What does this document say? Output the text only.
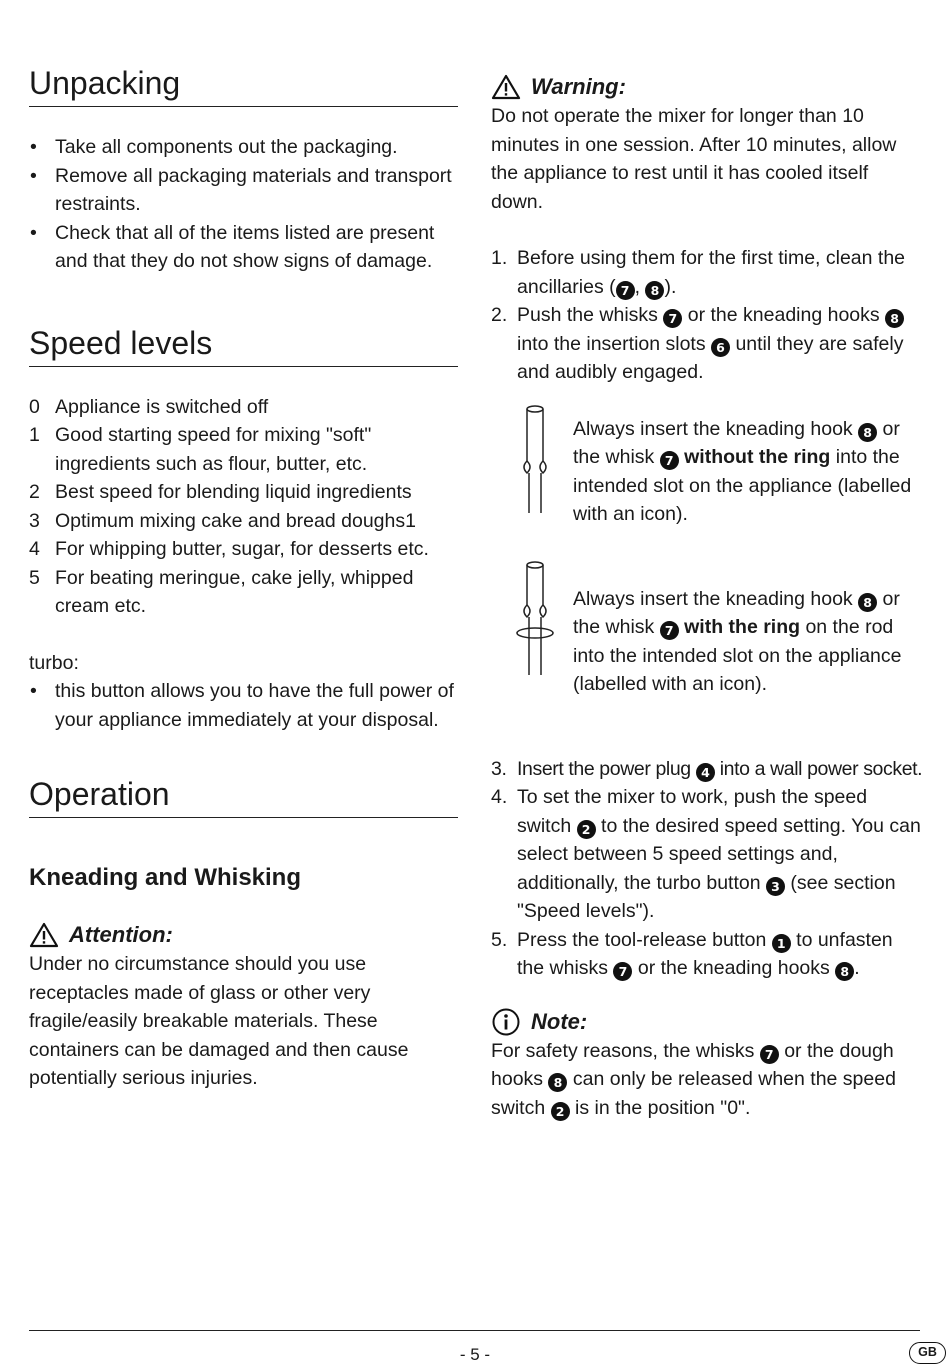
Unpacking
• Take all components out the packaging.
• Remove all packaging materials and transport restraints.
• Check that all of the items listed are present and that they do not show signs of damage.
Speed levels
0 Appliance is switched off
1 Good starting speed for mixing "soft" ingredients such as flour, butter, etc.
2 Best speed for blending liquid ingredients
3 Optimum mixing cake and bread doughs1
4 For whipping butter, sugar, for desserts etc.
5 For beating meringue, cake jelly, whipped cream etc.

turbo:

• this button allows you to have the full power of your appliance immediately at your disposal.
Operation
Kneading and Whisking
Attention:

Under no circumstance should you use receptacles made of glass or other very fragile/easily breakable materials. These containers can be damaged and then cause potentially serious injuries.

Warning:

Do not operate the mixer for longer than 10 minutes in one session. After 10 minutes, allow the appliance to rest until it has cooled itself down.

1. Before using them for the first time, clean the ancillaries ( 7 , 8 ).
2. Push the whisks 7 or the kneading hooks 8 into the insertion slots 6 until they are safely and audibly engaged.

Always insert the kneading hook 8 or the whisk 7 without the ring into the intended slot on the appliance (labelled with an icon).

Always insert the kneading hook 8 or the whisk 7 with the ring on the rod into the intended slot on the appliance (labelled with an icon).

3. Insert the power plug 4 into a wall power socket.
4. To set the mixer to work, push the speed switch 2 to the desired speed setting. You can select between 5 speed settings and, additionally, the turbo button 3 (see section "Speed levels").
5. Press the tool-release button 1 to unfasten the whisks 7 or the kneading hooks 8 .
Note:

For safety reasons, the whisks 7 or the dough hooks 8 can only be released when the speed switch 2 is in the position "0".

- 5 -	GB
